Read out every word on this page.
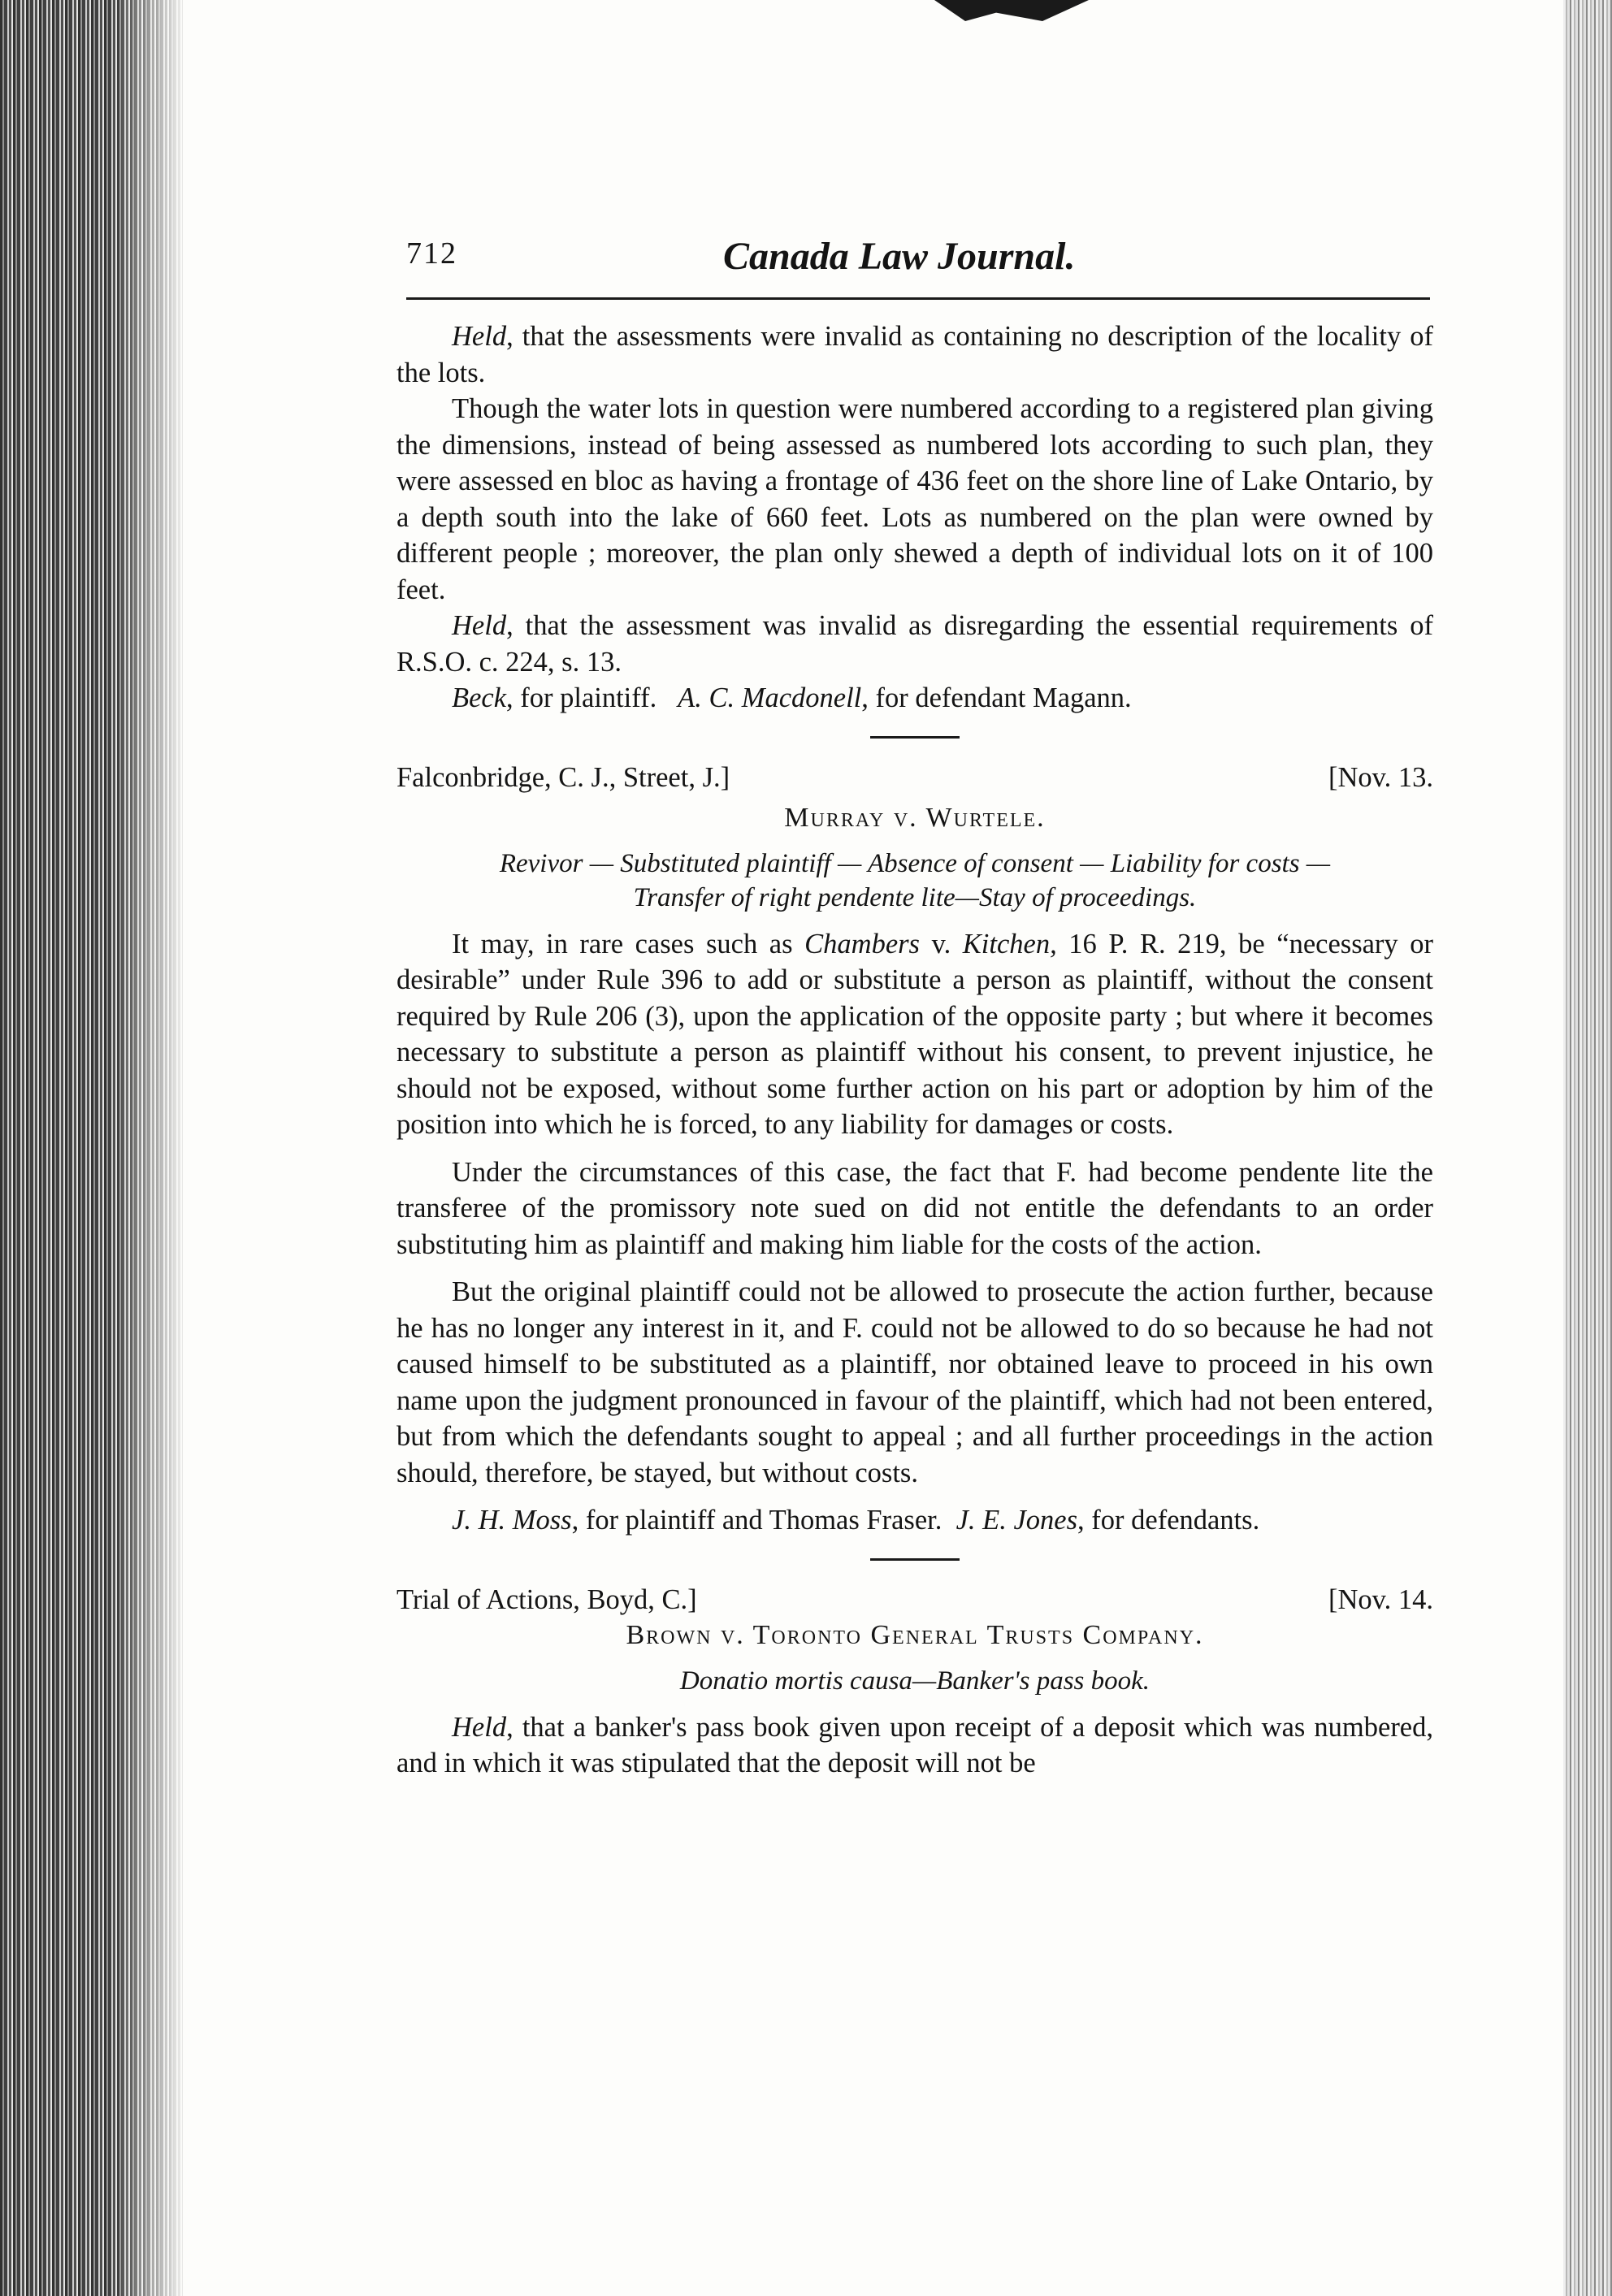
712	Canada Law Journal.

Held, that the assessments were invalid as containing no description of the locality of the lots.

Though the water lots in question were numbered according to a registered plan giving the dimensions, instead of being assessed as numbered lots according to such plan, they were assessed en bloc as having a frontage of 436 feet on the shore line of Lake Ontario, by a depth south into the lake of 660 feet. Lots as numbered on the plan were owned by different people ; moreover, the plan only shewed a depth of individual lots on it of 100 feet.

Held, that the assessment was invalid as disregarding the essential requirements of R.S.O. c. 224, s. 13.

Beck, for plaintiff. A. C. Macdonell, for defendant Magann.

Falconbridge, C. J., Street, J.]	[Nov. 13.

Murray v. Wurtele.

Revivor — Substituted plaintiff — Absence of consent — Liability for costs —
Transfer of right pendente lite—Stay of proceedings.

It may, in rare cases such as Chambers v. Kitchen, 16 P. R. 219, be “necessary or desirable” under Rule 396 to add or substitute a person as plaintiff, without the consent required by Rule 206 (3), upon the application of the opposite party ; but where it becomes necessary to substitute a person as plaintiff without his consent, to prevent injustice, he should not be exposed, without some further action on his part or adoption by him of the position into which he is forced, to any liability for damages or costs.

Under the circumstances of this case, the fact that F. had become pendente lite the transferee of the promissory note sued on did not entitle the defendants to an order substituting him as plaintiff and making him liable for the costs of the action.

But the original plaintiff could not be allowed to prosecute the action further, because he has no longer any interest in it, and F. could not be allowed to do so because he had not caused himself to be substituted as a plaintiff, nor obtained leave to proceed in his own name upon the judgment pronounced in favour of the plaintiff, which had not been entered, but from which the defendants sought to appeal ; and all further proceedings in the action should, therefore, be stayed, but without costs.

J. H. Moss, for plaintiff and Thomas Fraser. J. E. Jones, for defendants.

Trial of Actions, Boyd, C.]	[Nov. 14.

Brown v. Toronto General Trusts Company.

Donatio mortis causa—Banker's pass book.

Held, that a banker's pass book given upon receipt of a deposit which was numbered, and in which it was stipulated that the deposit will not be
